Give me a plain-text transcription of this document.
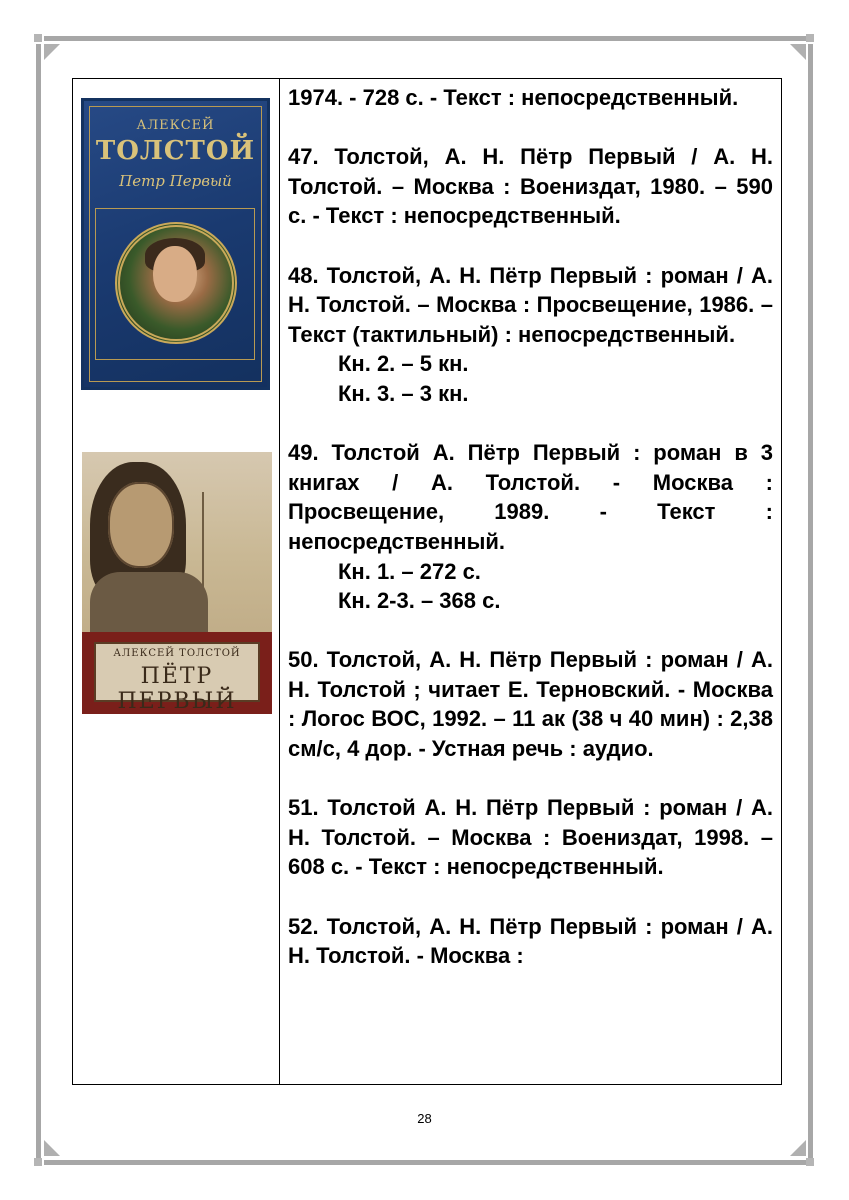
АЛЕКСЕЙ
ТОЛСТОЙ
Петр Первый
АЛЕКСЕЙ ТОЛСТОЙ
ПЁТР ПЕРВЫЙ

1974. - 728 с. - Текст : непосредственный.

47. Толстой, А. Н. Пётр Первый / А. Н. Толстой. – Москва : Воениздат, 1980. – 590 с. - Текст : непосредственный.

48. Толстой, А. Н. Пётр Первый : роман / А. Н. Толстой. – Москва : Просвещение, 1986. – Текст (тактильный) : непосредственный.
Кн. 2. – 5 кн.
Кн. 3. – 3 кн.

49. Толстой А. Пётр Первый : роман в 3 книгах / А. Толстой. - Москва : Просвещение, 1989. - Текст : непосредственный.
Кн. 1. – 272 с.
Кн. 2-3. – 368 с.

50. Толстой, А. Н. Пётр Первый : роман / А. Н. Толстой ; читает Е. Терновский. - Москва : Логос ВОС, 1992. – 11 ак (38 ч 40 мин) : 2,38 см/с, 4 дор. - Устная речь : аудио.

51. Толстой А. Н. Пётр Первый : роман / А. Н. Толстой. – Москва : Воениздат, 1998. – 608 с. - Текст : непосредственный.

52. Толстой, А. Н. Пётр Первый : роман / А. Н. Толстой. - Москва :

28
